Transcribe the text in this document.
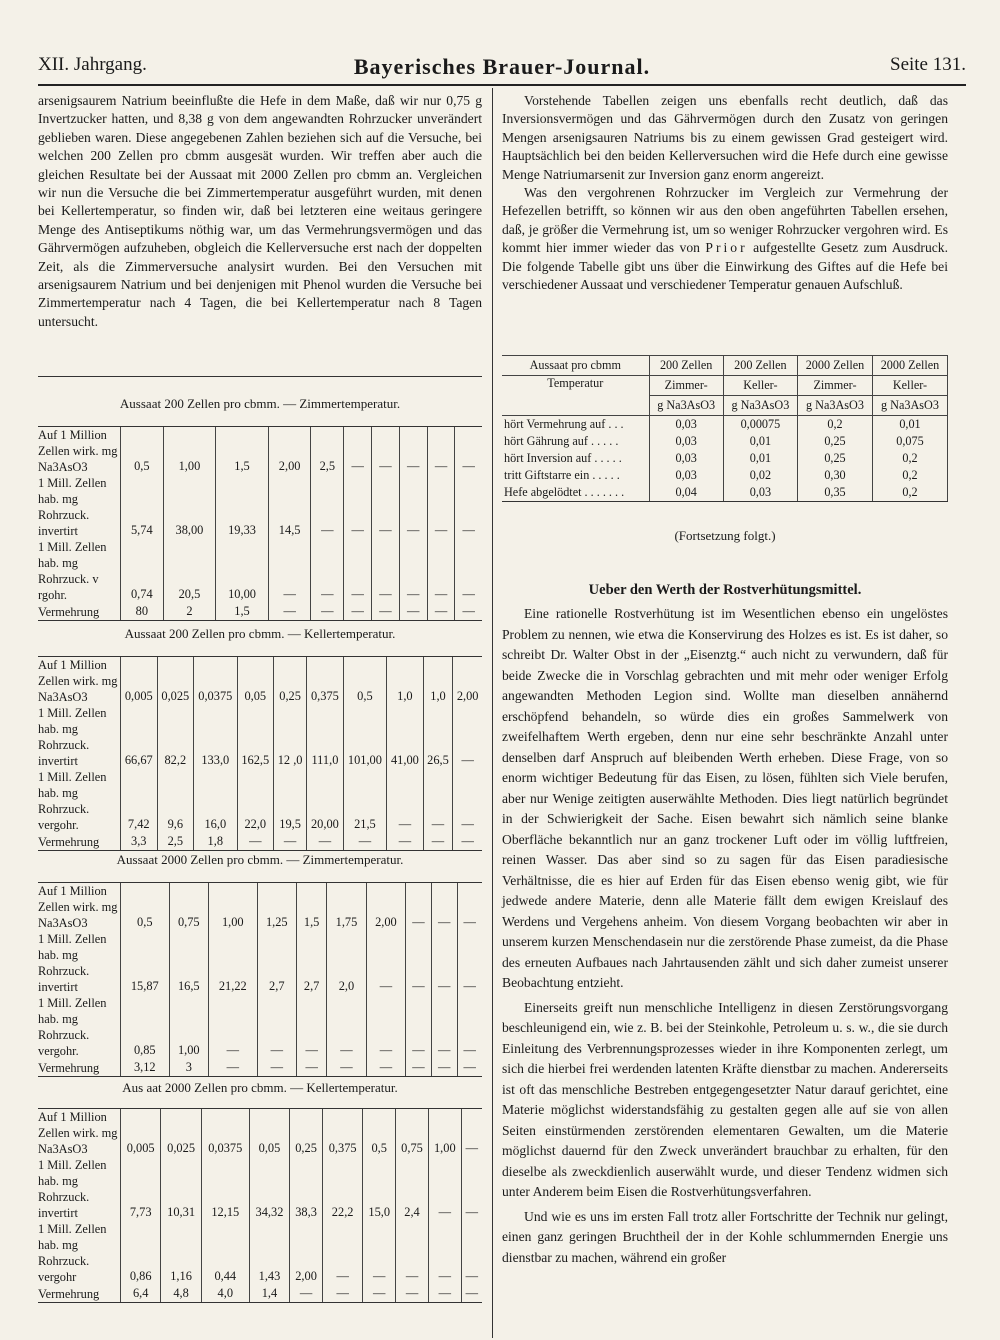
XII. Jahrgang.	Bayerisches Brauer-Journal.	Seite 131.

arsenigsaurem Natrium beeinflußte die Hefe in dem Maße, daß wir nur 0,75 g Invertzucker hatten, und 8,38 g von dem angewandten Rohrzucker unverändert geblieben waren. Diese angegebenen Zahlen beziehen sich auf die Versuche, bei welchen 200 Zellen pro cbmm ausgesät wurden. Wir treffen aber auch die gleichen Resultate bei der Aussaat mit 2000 Zellen pro cbmm an. Vergleichen wir nun die Versuche die bei Zimmertemperatur ausgeführt wurden, mit denen bei Kellertemperatur, so finden wir, daß bei letzteren eine weitaus geringere Menge des Antiseptikums nöthig war, um das Vermehrungsvermögen und das Gährvermögen aufzuheben, obgleich die Kellerversuche erst nach der doppelten Zeit, als die Zimmerversuche analysirt wurden. Bei den Versuchen mit arsenigsaurem Natrium und bei denjenigen mit Phenol wurden die Versuche bei Zimmertemperatur nach 4 Tagen, die bei Kellertemperatur nach 8 Tagen untersucht.

Aussaat 200 Zellen pro cbmm. — Zimmertemperatur.
Auf 1 Million Zellen wirk. mg Na3AsO3	0,5	1,00	1,5	2,00	2,5	—	—	—	—	—
1 Mill. Zellen hab. mg Rohrzuck. invertirt	5,74	38,00	19,33	14,5	—	—	—	—	—	—
1 Mill. Zellen hab. mg Rohrzuck. v rgohr.	0,74	20,5	10,00	—	—	—	—	—	—	—
Vermehrung	80	2	1,5	—	—	—	—	—	—	—
Aussaat 200 Zellen pro cbmm. — Kellertemperatur.
Auf 1 Million Zellen wirk. mg Na3AsO3	0,005	0,025	0,0375	0,05	0,25	0,375	0,5	1,0	1,0	2,00
1 Mill. Zellen hab. mg Rohrzuck. invertirt	66,67	82,2	133,0	162,5	12 ,0	111,0	101,00	41,00	26,5	—
1 Mill. Zellen hab. mg Rohrzuck. vergohr.	7,42	9,6	16,0	22,0	19,5	20,00	21,5	—	—	—
Vermehrung	3,3	2,5	1,8	—	—	—	—	—	—	—
Aussaat 2000 Zellen pro cbmm. — Zimmertemperatur.
Auf 1 Million Zellen wirk. mg Na3AsO3	0,5	0,75	1,00	1,25	1,5	1,75	2,00	—	—	—
1 Mill. Zellen hab. mg Rohrzuck. invertirt	15,87	16,5	21,22	2,7	2,7	2,0	—	—	—	—
1 Mill. Zellen hab. mg Rohrzuck. vergohr.	0,85	1,00	—	—	—	—	—	—	—	—
Vermehrung	3,12	3	—	—	—	—	—	—	—	—
Aus aat 2000 Zellen pro cbmm. — Kellertemperatur.
Auf 1 Million Zellen wirk. mg Na3AsO3	0,005	0,025	0,0375	0,05	0,25	0,375	0,5	0,75	1,00	—
1 Mill. Zellen hab. mg Rohrzuck. invertirt	7,73	10,31	12,15	34,32	38,3	22,2	15,0	2,4	—	—
1 Mill. Zellen hab. mg Rohrzuck. vergohr	0,86	1,16	0,44	1,43	2,00	—	—	—	—	—
Vermehrung	6,4	4,8	4,0	1,4	—	—	—	—	—	—

Vorstehende Tabellen zeigen uns ebenfalls recht deutlich, daß das Inversionsvermögen und das Gährvermögen durch den Zusatz von geringen Mengen arsenigsauren Natriums bis zu einem gewissen Grad gesteigert wird. Hauptsächlich bei den beiden Kellerversuchen wird die Hefe durch eine gewisse Menge Natriumarsenit zur Inversion ganz enorm angereizt.

Was den vergohrenen Rohrzucker im Vergleich zur Vermehrung der Hefezellen betrifft, so können wir aus den oben angeführten Tabellen ersehen, daß, je größer die Vermehrung ist, um so weniger Rohrzucker vergohren wird. Es kommt hier immer wieder das von Prior aufgestellte Gesetz zum Ausdruck. Die folgende Tabelle gibt uns über die Einwirkung des Giftes auf die Hefe bei verschiedener Aussaat und verschiedener Temperatur genauen Aufschluß.

Aussaat pro cbmm	200 Zellen	200 Zellen	2000 Zellen	2000 Zellen
Temperatur	Zimmer-	Keller-	Zimmer-	Keller-
	g Na3AsO3	g Na3AsO3	g Na3AsO3	g Na3AsO3
hört Vermehrung auf . . .	0,03	0,00075	0,2	0,01
hört Gährung auf . . . . .	0,03	0,01	0,25	0,075
hört Inversion auf . . . . .	0,03	0,01	0,25	0,2
tritt Giftstarre ein . . . . .	0,03	0,02	0,30	0,2
Hefe abgelödtet . . . . . . .	0,04	0,03	0,35	0,2
(Fortsetzung folgt.)
Ueber den Werth der Rostverhütungsmittel.

Eine rationelle Rostverhütung ist im Wesentlichen ebenso ein ungelöstes Problem zu nennen, wie etwa die Konservirung des Holzes es ist. Es ist daher, so schreibt Dr. Walter Obst in der „Eisenztg.“ auch nicht zu verwundern, daß für beide Zwecke die in Vorschlag gebrachten und mit mehr oder weniger Erfolg angewandten Methoden Legion sind. Wollte man dieselben annähernd erschöpfend behandeln, so würde dies ein großes Sammelwerk von zweifelhaftem Werth ergeben, denn nur eine sehr beschränkte Anzahl unter denselben darf Anspruch auf bleibenden Werth erheben. Diese Frage, von so enorm wichtiger Bedeutung für das Eisen, zu lösen, fühlten sich Viele berufen, aber nur Wenige zeitigten auserwählte Methoden. Dies liegt natürlich begründet in der Schwierigkeit der Sache. Eisen bewahrt sich nämlich seine blanke Oberfläche bekanntlich nur an ganz trockener Luft oder im völlig luftfreien, reinen Wasser. Das aber sind so zu sagen für das Eisen paradiesische Verhältnisse, die es hier auf Erden für das Eisen ebenso wenig gibt, wie für jedwede andere Materie, denn alle Materie fällt dem ewigen Kreislauf des Werdens und Vergehens anheim. Von diesem Vorgang beobachten wir aber in unserem kurzen Menschendasein nur die zerstörende Phase zumeist, da die Phase des erneuten Aufbaues nach Jahrtausenden zählt und sich daher zumeist unserer Beobachtung entzieht.

Einerseits greift nun menschliche Intelligenz in diesen Zerstörungsvorgang beschleunigend ein, wie z. B. bei der Steinkohle, Petroleum u. s. w., die sie durch Einleitung des Verbrennungsprozesses wieder in ihre Komponenten zerlegt, um sich die hierbei frei werdenden latenten Kräfte dienstbar zu machen. Andererseits ist oft das menschliche Bestreben entgegengesetzter Natur darauf gerichtet, eine Materie möglichst widerstandsfähig zu gestalten gegen alle auf sie von allen Seiten einstürmenden zerstörenden elementaren Gewalten, um die Materie möglichst dauernd für den Zweck unverändert brauchbar zu erhalten, für den dieselbe als zweckdienlich auserwählt wurde, und dieser Tendenz widmen sich unter Anderem beim Eisen die Rostverhütungsverfahren.

Und wie es uns im ersten Fall trotz aller Fortschritte der Technik nur gelingt, einen ganz geringen Bruchtheil der in der Kohle schlummernden Energie uns dienstbar zu machen, während ein großer
